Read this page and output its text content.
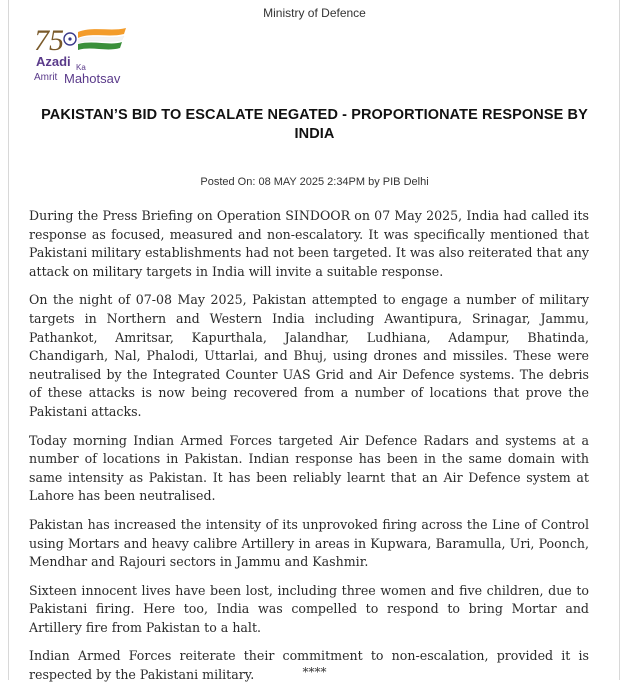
Ministry of Defence
75
Azadi Ka
Amrit Mahotsav
PAKISTAN’S BID TO ESCALATE NEGATED - PROPORTIONATE RESPONSE BY INDIA
Posted On: 08 MAY 2025 2:34PM by PIB Delhi

During the Press Briefing on Operation SINDOOR on 07 May 2025, India had called its response as focused, measured and non-escalatory. It was specifically mentioned that Pakistani military establishments had not been targeted. It was also reiterated that any attack on military targets in India will invite a suitable response.

On the night of 07-08 May 2025, Pakistan attempted to engage a number of military targets in Northern and Western India including Awantipura, Srinagar, Jammu, Pathankot, Amritsar, Kapurthala, Jalandhar, Ludhiana, Adampur, Bhatinda, Chandigarh, Nal, Phalodi, Uttarlai, and Bhuj, using drones and missiles. These were neutralised by the Integrated Counter UAS Grid and Air Defence systems. The debris of these attacks is now being recovered from a number of locations that prove the Pakistani attacks.

Today morning Indian Armed Forces targeted Air Defence Radars and systems at a number of locations in Pakistan. Indian response has been in the same domain with same intensity as Pakistan. It has been reliably learnt that an Air Defence system at Lahore has been neutralised.

Pakistan has increased the intensity of its unprovoked firing across the Line of Control using Mortars and heavy calibre Artillery in areas in Kupwara, Baramulla, Uri, Poonch, Mendhar and Rajouri sectors in Jammu and Kashmir.

Sixteen innocent lives have been lost, including three women and five children, due to Pakistani firing. Here too, India was compelled to respond to bring Mortar and Artillery fire from Pakistan to a halt.

Indian Armed Forces reiterate their commitment to non-escalation, provided it is respected by the Pakistani military.	****
